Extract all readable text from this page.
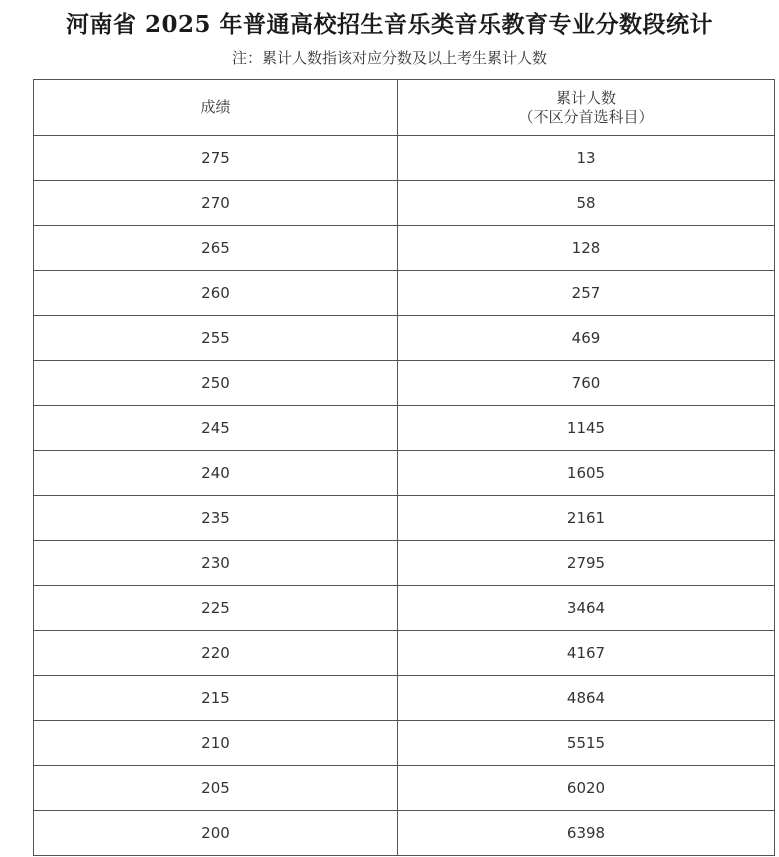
河南省 2025 年普通高校招生音乐类音乐教育专业分数段统计
注：累计人数指该对应分数及以上考生累计人数
成绩	累计人数
（不区分首选科目）

275	13
270	58
265	128
260	257
255	469
250	760
245	1145
240	1605
235	2161
230	2795
225	3464
220	4167
215	4864
210	5515
205	6020
200	6398
